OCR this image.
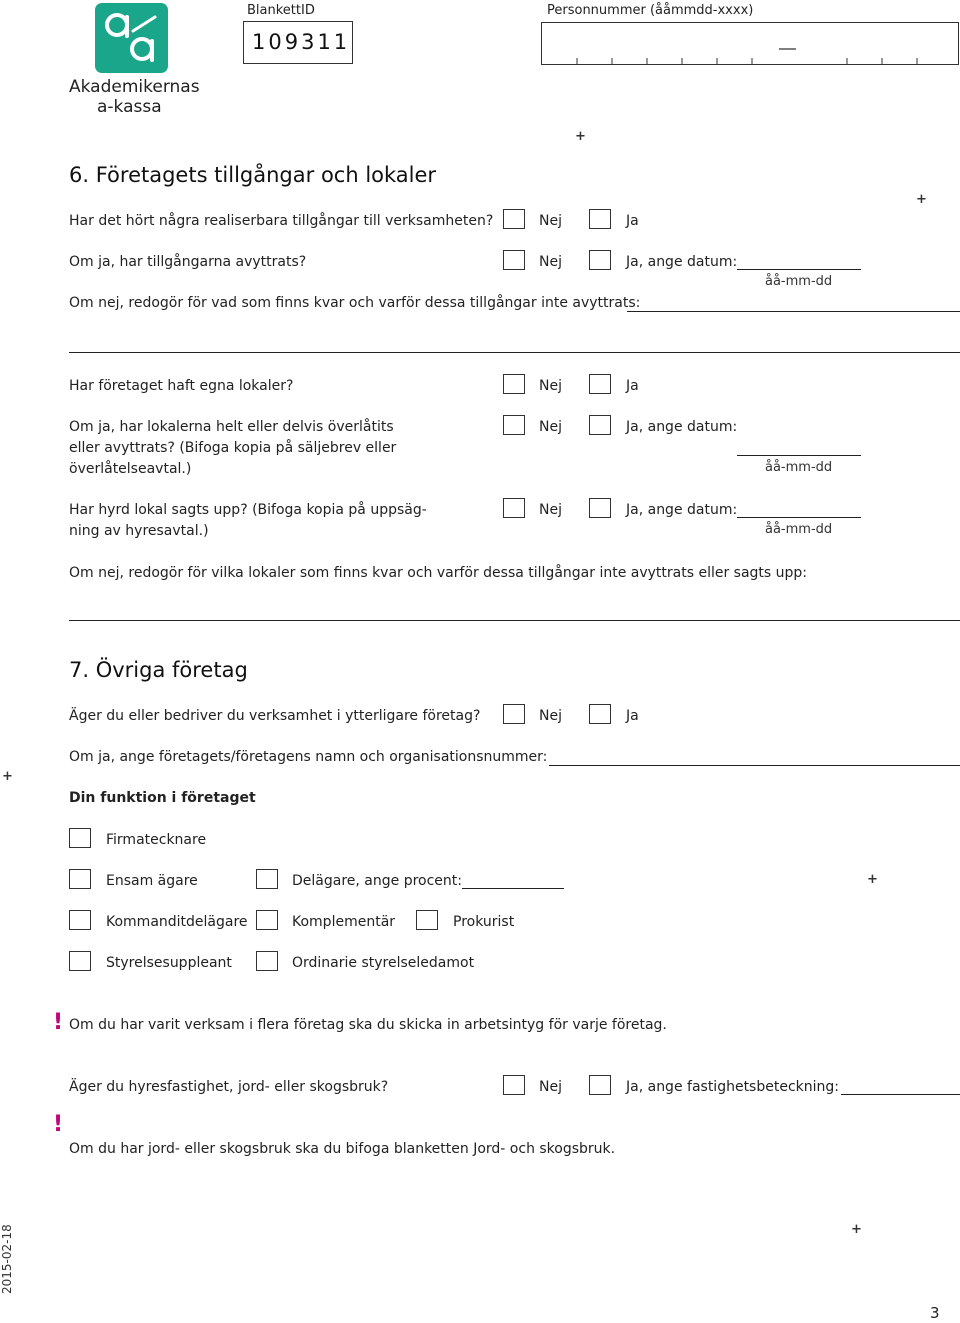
Akademikernas
a-kassa
BlankettID
109311
Personnummer (ååmmdd-xxxx)
+
+
6. Företagets tillgångar och lokaler
Har det hört några realiserbara tillgångar till verksamheten?	Nej	Ja
Om ja, har tillgångarna avyttrats?	Nej	Ja, ange datum:
åå-mm-dd
Om nej, redogör för vad som finns kvar och varför dessa tillgångar inte avyttrats:
Har företaget haft egna lokaler?	Nej	Ja
Om ja, har lokalerna helt eller delvis överlåtits
eller avyttrats? (Bifoga kopia på säljebrev eller
överlåtelseavtal.)
Nej	Ja, ange datum:
åå-mm-dd
Har hyrd lokal sagts upp? (Bifoga kopia på uppsäg-
ning av hyresavtal.)
Nej	Ja, ange datum:
åå-mm-dd
Om nej, redogör för vilka lokaler som finns kvar och varför dessa tillgångar inte avyttrats eller sagts upp:
7. Övriga företag
Äger du eller bedriver du verksamhet i ytterligare företag?	Nej	Ja
Om ja, ange företagets/företagens namn och organisationsnummer:
+
Din funktion i företaget
Firmatecknare
Ensam ägare	Delägare, ange procent:	+
Kommanditdelägare	Komplementär	Prokurist
Styrelsesuppleant	Ordinarie styrelseledamot
! Om du har varit verksam i flera företag ska du skicka in arbetsintyg för varje företag.
Äger du hyresfastighet, jord- eller skogsbruk?	Nej	Ja, ange fastighetsbeteckning:
!
Om du har jord- eller skogsbruk ska du bifoga blanketten Jord- och skogsbruk.
+
2015-02-18
3
